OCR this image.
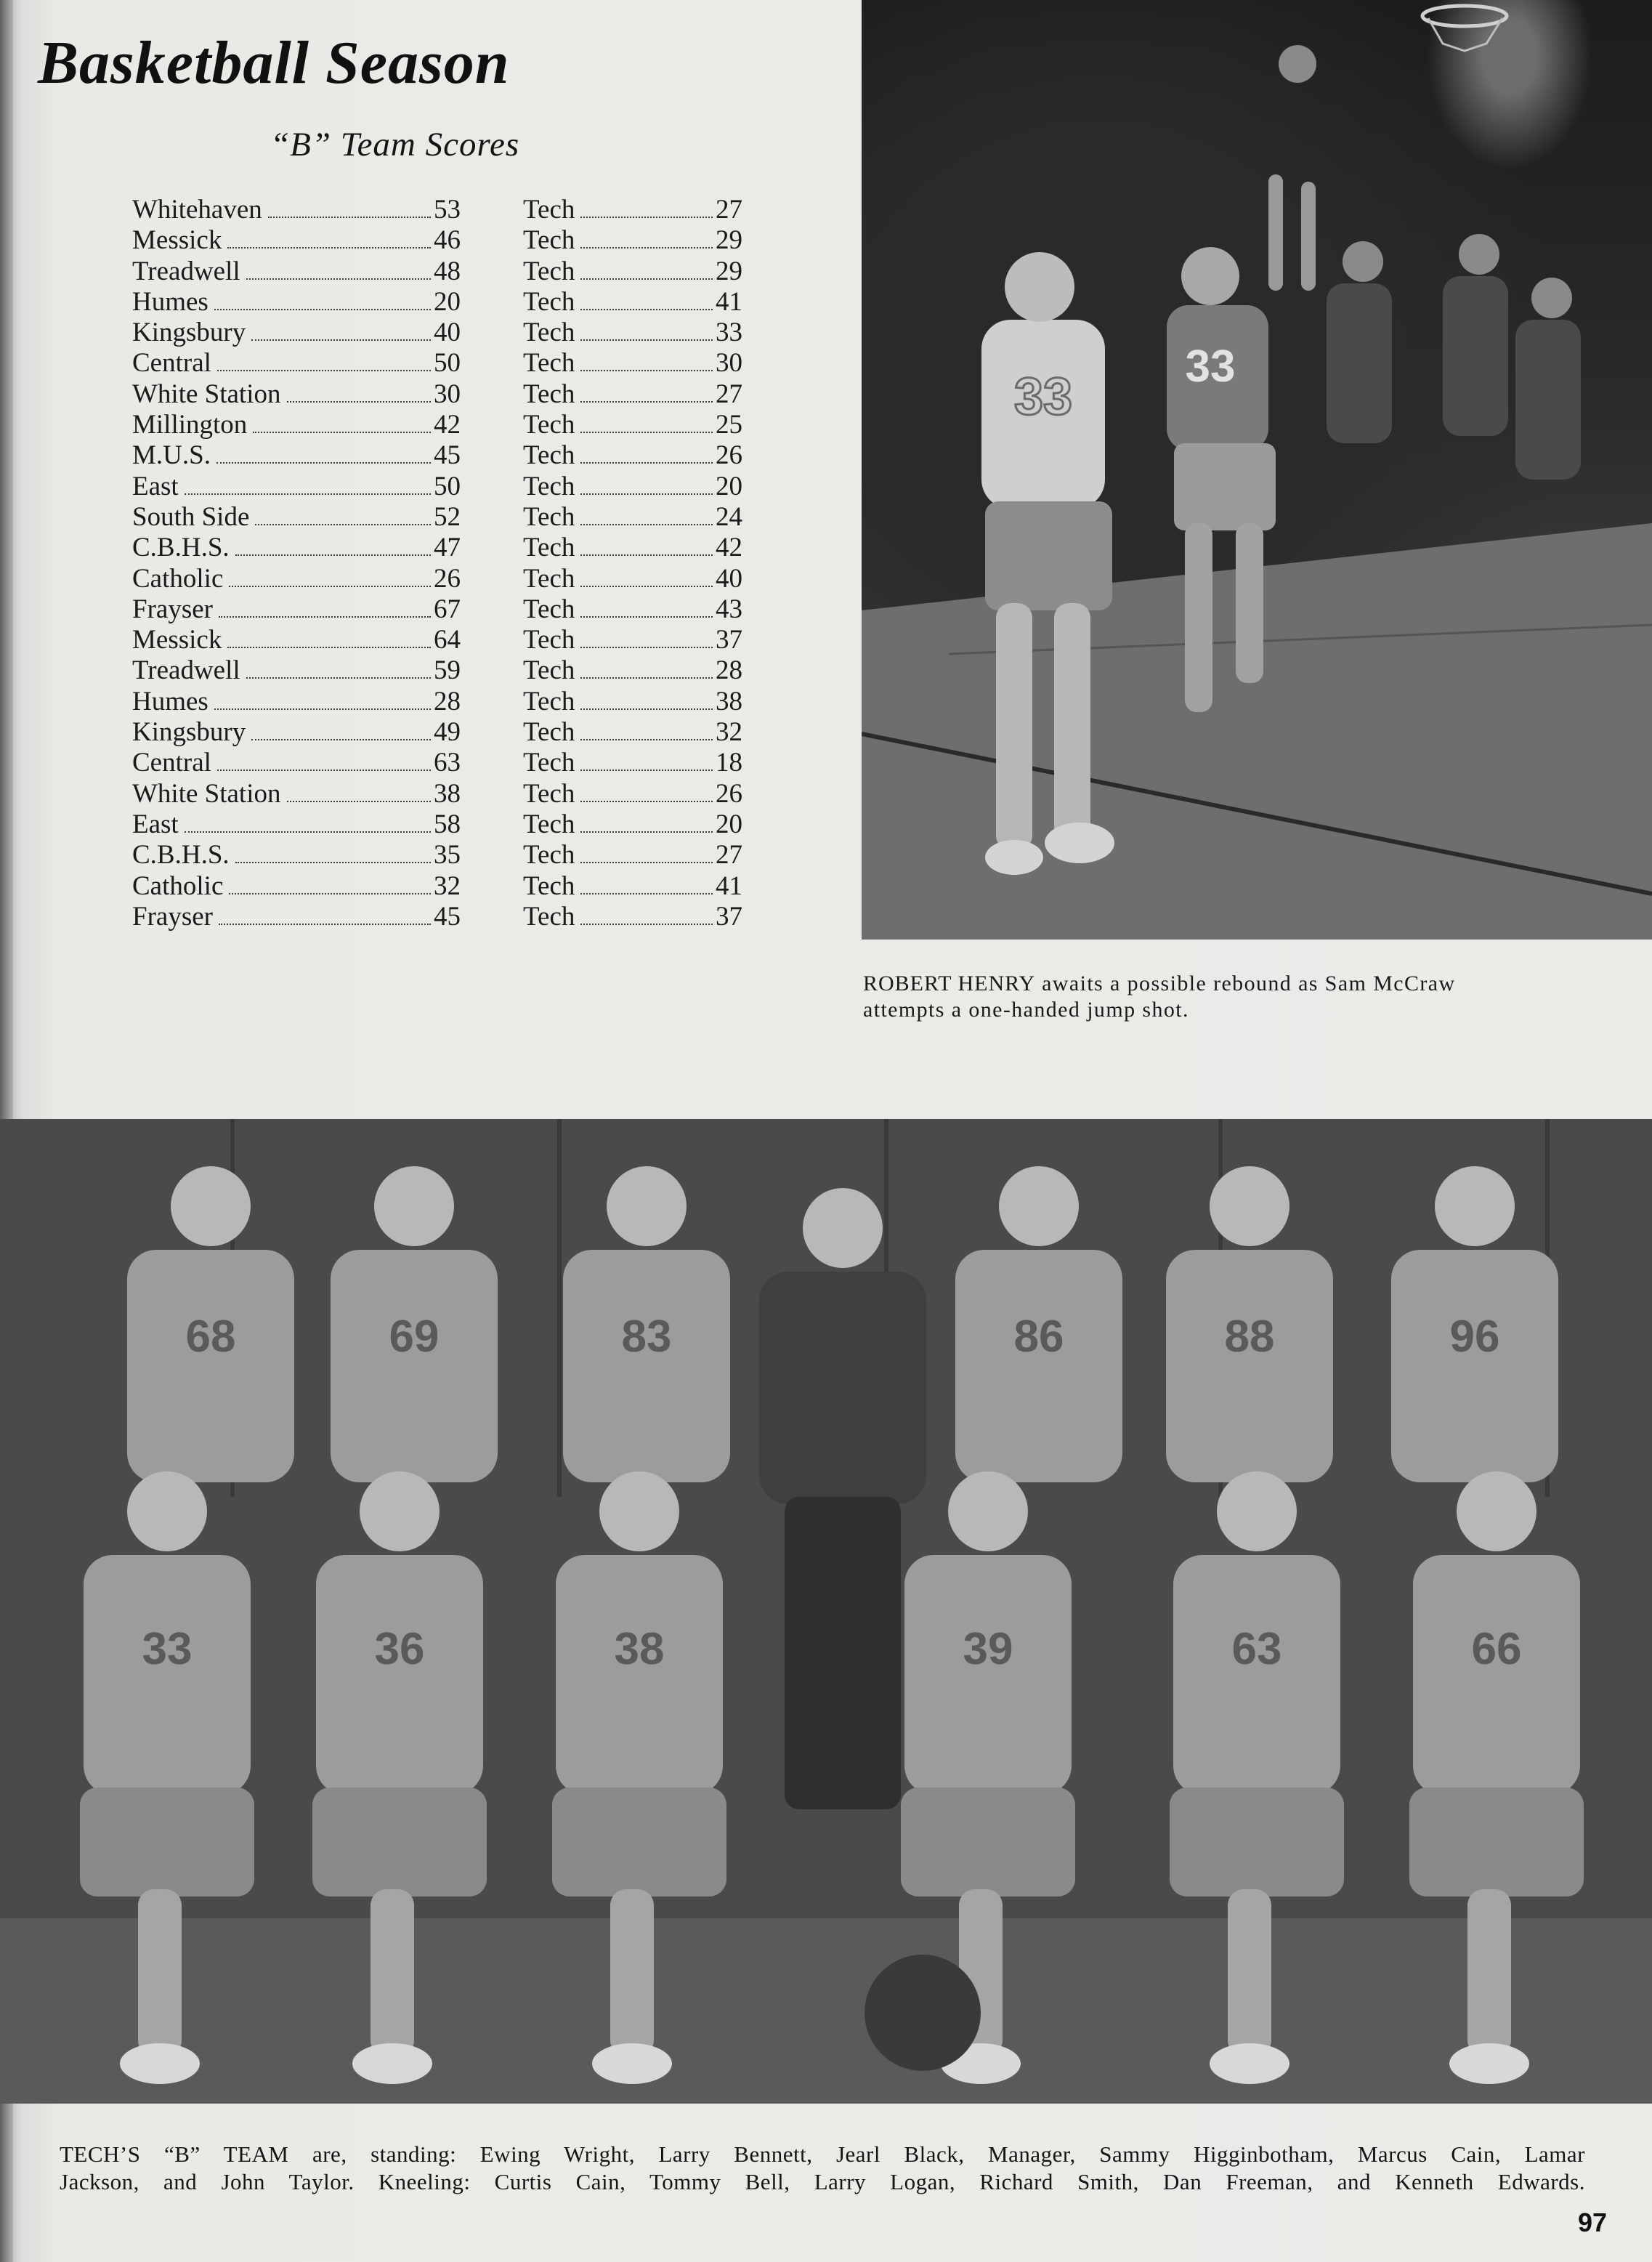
Basketball Season
“B” Team Scores
Whitehaven	53 Tech	27
Messick	46 Tech	29
Treadwell	48 Tech	29
Humes	20 Tech	41
Kingsbury	40 Tech	33
Central	50 Tech	30
White Station	30 Tech	27
Millington	42 Tech	25
M.U.S.	45 Tech	26
East	50 Tech	20
South Side	52 Tech	24
C.B.H.S.	47 Tech	42
Catholic	26 Tech	40
Frayser	67 Tech	43
Messick	64 Tech	37
Treadwell	59 Tech	28
Humes	28 Tech	38
Kingsbury	49 Tech	32
Central	63 Tech	18
White Station	38 Tech	26
East	58 Tech	20
C.B.H.S.	35 Tech	27
Catholic	32 Tech	41
Frayser	45 Tech	37
33
33
ROBERT HENRY awaits a possible rebound as Sam McCraw
attempts a one-handed jump shot.
68	69	83	86	88	96
33	36	38	39	63	66
TECH’S “B” TEAM are, standing: Ewing Wright, Larry Bennett, Jearl Black, Manager, Sammy Higginbotham, Marcus Cain, Lamar
Jackson, and John Taylor. Kneeling: Curtis Cain, Tommy Bell, Larry Logan, Richard Smith, Dan Freeman, and Kenneth Edwards.
97
